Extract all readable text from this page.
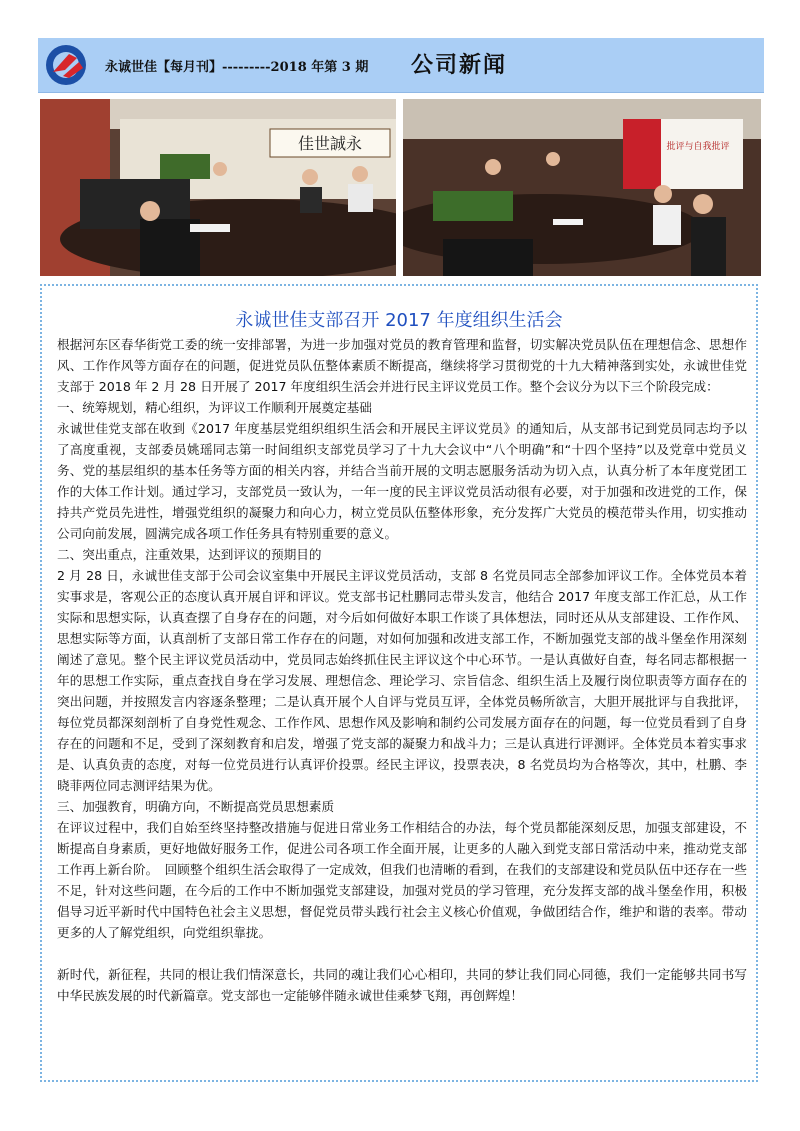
永诚世佳【每月刊】---------2018 年第 3 期 公司新闻
佳世誠永	批评与自我批评
永诚世佳支部召开 2017 年度组织生活会

根据河东区春华街党工委的统一安排部署，为进一步加强对党员的教育管理和监督，切实解决党员队伍在理想信念、思想作风、工作作风等方面存在的问题，促进党员队伍整体素质不断提高，继续将学习贯彻党的十九大精神落到实处，永诚世佳党支部于 2018 年 2 月 28 日开展了 2017 年度组织生活会并进行民主评议党员工作。整个会议分为以下三个阶段完成：

一、统筹规划，精心组织，为评议工作顺利开展奠定基础

永诚世佳党支部在收到《2017 年度基层党组织组织生活会和开展民主评议党员》的通知后，从支部书记到党员同志均予以了高度重视，支部委员姚瑶同志第一时间组织支部党员学习了十九大会议中“八个明确”和“十四个坚持”以及党章中党员义务、党的基层组织的基本任务等方面的相关内容，并结合当前开展的文明志愿服务活动为切入点，认真分析了本年度党团工作的大体工作计划。通过学习，支部党员一致认为，一年一度的民主评议党员活动很有必要，对于加强和改进党的工作，保持共产党员先进性，增强党组织的凝聚力和向心力，树立党员队伍整体形象，充分发挥广大党员的模范带头作用，切实推动公司向前发展，圆满完成各项工作任务具有特别重要的意义。

二、突出重点，注重效果，达到评议的预期目的

2 月 28 日，永诚世佳支部于公司会议室集中开展民主评议党员活动，支部 8 名党员同志全部参加评议工作。全体党员本着实事求是，客观公正的态度认真开展自评和评议。党支部书记杜鹏同志带头发言，他结合 2017 年度支部工作汇总，从工作实际和思想实际，认真查摆了自身存在的问题，对今后如何做好本职工作谈了具体想法，同时还从从支部建设、工作作风、思想实际等方面，认真剖析了支部日常工作存在的问题，对如何加强和改进支部工作，不断加强党支部的战斗堡垒作用深刻阐述了意见。整个民主评议党员活动中，党员同志始终抓住民主评议这个中心环节。一是认真做好自查，每名同志都根据一年的思想工作实际，重点查找自身在学习发展、理想信念、理论学习、宗旨信念、组织生活上及履行岗位职责等方面存在的突出问题，并按照发言内容逐条整理；二是认真开展个人自评与党员互评，全体党员畅所欲言，大胆开展批评与自我批评，每位党员都深刻剖析了自身党性观念、工作作风、思想作风及影响和制约公司发展方面存在的问题，每一位党员看到了自身存在的问题和不足，受到了深刻教育和启发，增强了党支部的凝聚力和战斗力；三是认真进行评测评。全体党员本着实事求是、认真负责的态度，对每一位党员进行认真评价投票。经民主评议，投票表决，8 名党员均为合格等次，其中，杜鹏、李晓菲两位同志测评结果为优。

三、加强教育，明确方向，不断提高党员思想素质

在评议过程中，我们自始至终坚持整改措施与促进日常业务工作相结合的办法，每个党员都能深刻反思，加强支部建设，不断提高自身素质，更好地做好服务工作，促进公司各项工作全面开展，让更多的人融入到党支部日常活动中来，推动党支部工作再上新台阶。　回顾整个组织生活会取得了一定成效，但我们也清晰的看到，在我们的支部建设和党员队伍中还存在一些不足，针对这些问题，在今后的工作中不断加强党支部建设，加强对党员的学习管理，充分发挥支部的战斗堡垒作用，积极倡导习近平新时代中国特色社会主义思想，督促党员带头践行社会主义核心价值观，争做团结合作，维护和谐的表率。带动更多的人了解党组织，向党组织靠拢。

新时代，新征程，共同的根让我们情深意长，共同的魂让我们心心相印，共同的梦让我们同心同德，我们一定能够共同书写中华民族发展的时代新篇章。党支部也一定能够伴随永诚世佳乘梦飞翔，再创辉煌！
